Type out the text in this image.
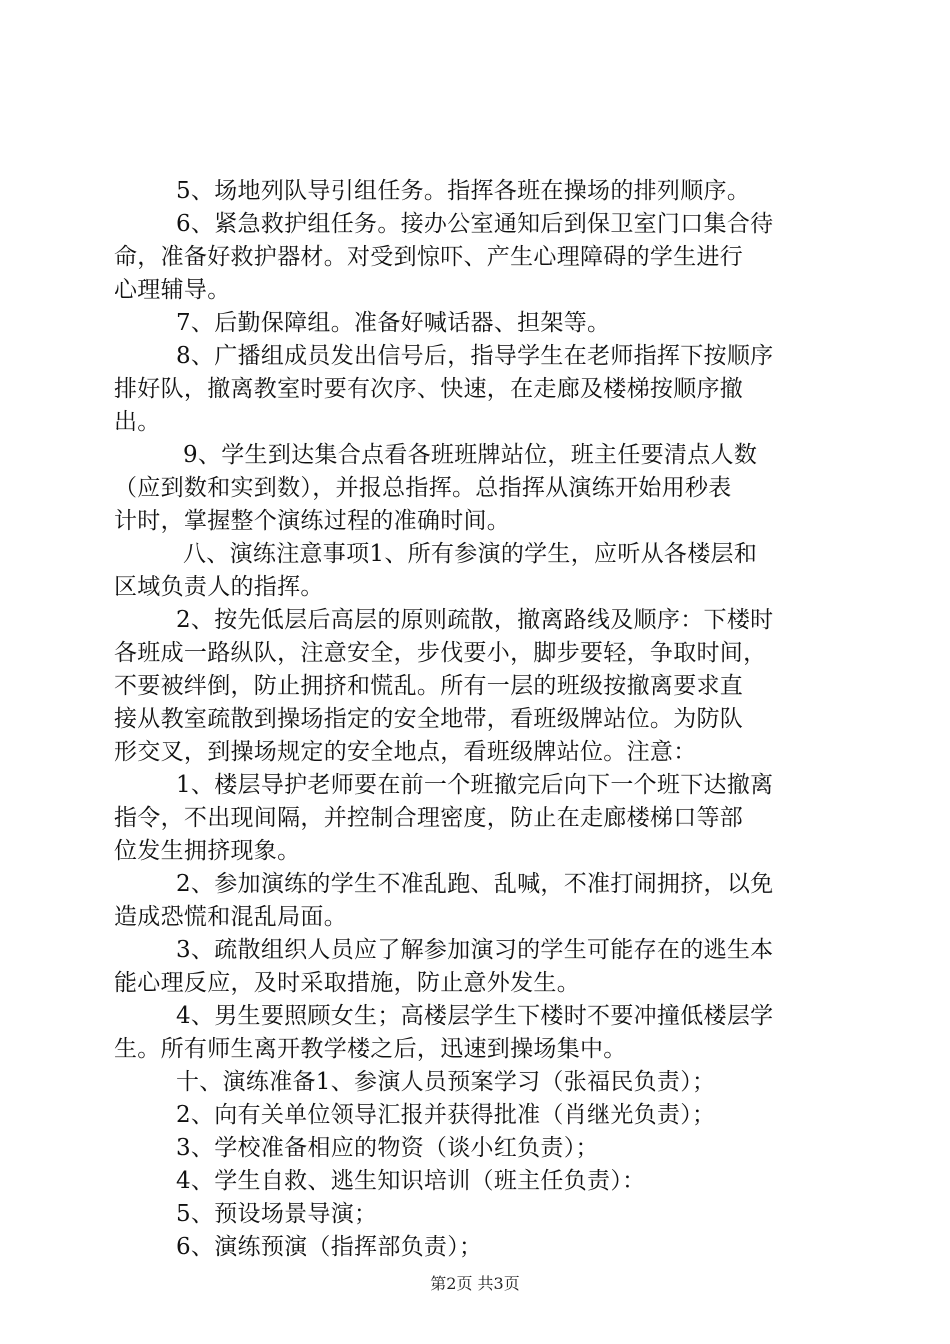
5、场地列队导引组任务。指挥各班在操场的排列顺序。
6、紧急救护组任务。接办公室通知后到保卫室门口集合待
命，准备好救护器材。对受到惊吓、产生心理障碍的学生进行
心理辅导。
7、后勤保障组。准备好喊话器、担架等。
8、广播组成员发出信号后，指导学生在老师指挥下按顺序
排好队，撤离教室时要有次序、快速，在走廊及楼梯按顺序撤
出。
9、学生到达集合点看各班班牌站位，班主任要清点人数
（应到数和实到数），并报总指挥。总指挥从演练开始用秒表
计时，掌握整个演练过程的准确时间。
八、演练注意事项1、所有参演的学生，应听从各楼层和
区域负责人的指挥。
2、按先低层后高层的原则疏散，撤离路线及顺序：下楼时
各班成一路纵队，注意安全，步伐要小，脚步要轻，争取时间，
不要被绊倒，防止拥挤和慌乱。所有一层的班级按撤离要求直
接从教室疏散到操场指定的安全地带，看班级牌站位。为防队
形交叉，到操场规定的安全地点，看班级牌站位。注意：
1、楼层导护老师要在前一个班撤完后向下一个班下达撤离
指令，不出现间隔，并控制合理密度，防止在走廊楼梯口等部
位发生拥挤现象。
2、参加演练的学生不准乱跑、乱喊，不准打闹拥挤，以免
造成恐慌和混乱局面。
3、疏散组织人员应了解参加演习的学生可能存在的逃生本
能心理反应，及时采取措施，防止意外发生。
4、男生要照顾女生；高楼层学生下楼时不要冲撞低楼层学
生。所有师生离开教学楼之后，迅速到操场集中。
十、演练准备1、参演人员预案学习（张福民负责）；
2、向有关单位领导汇报并获得批准（肖继光负责）；
3、学校准备相应的物资（谈小红负责）；
4、学生自救、逃生知识培训（班主任负责）：
5、预设场景导演；
6、演练预演（指挥部负责）；
第2页 共3页
